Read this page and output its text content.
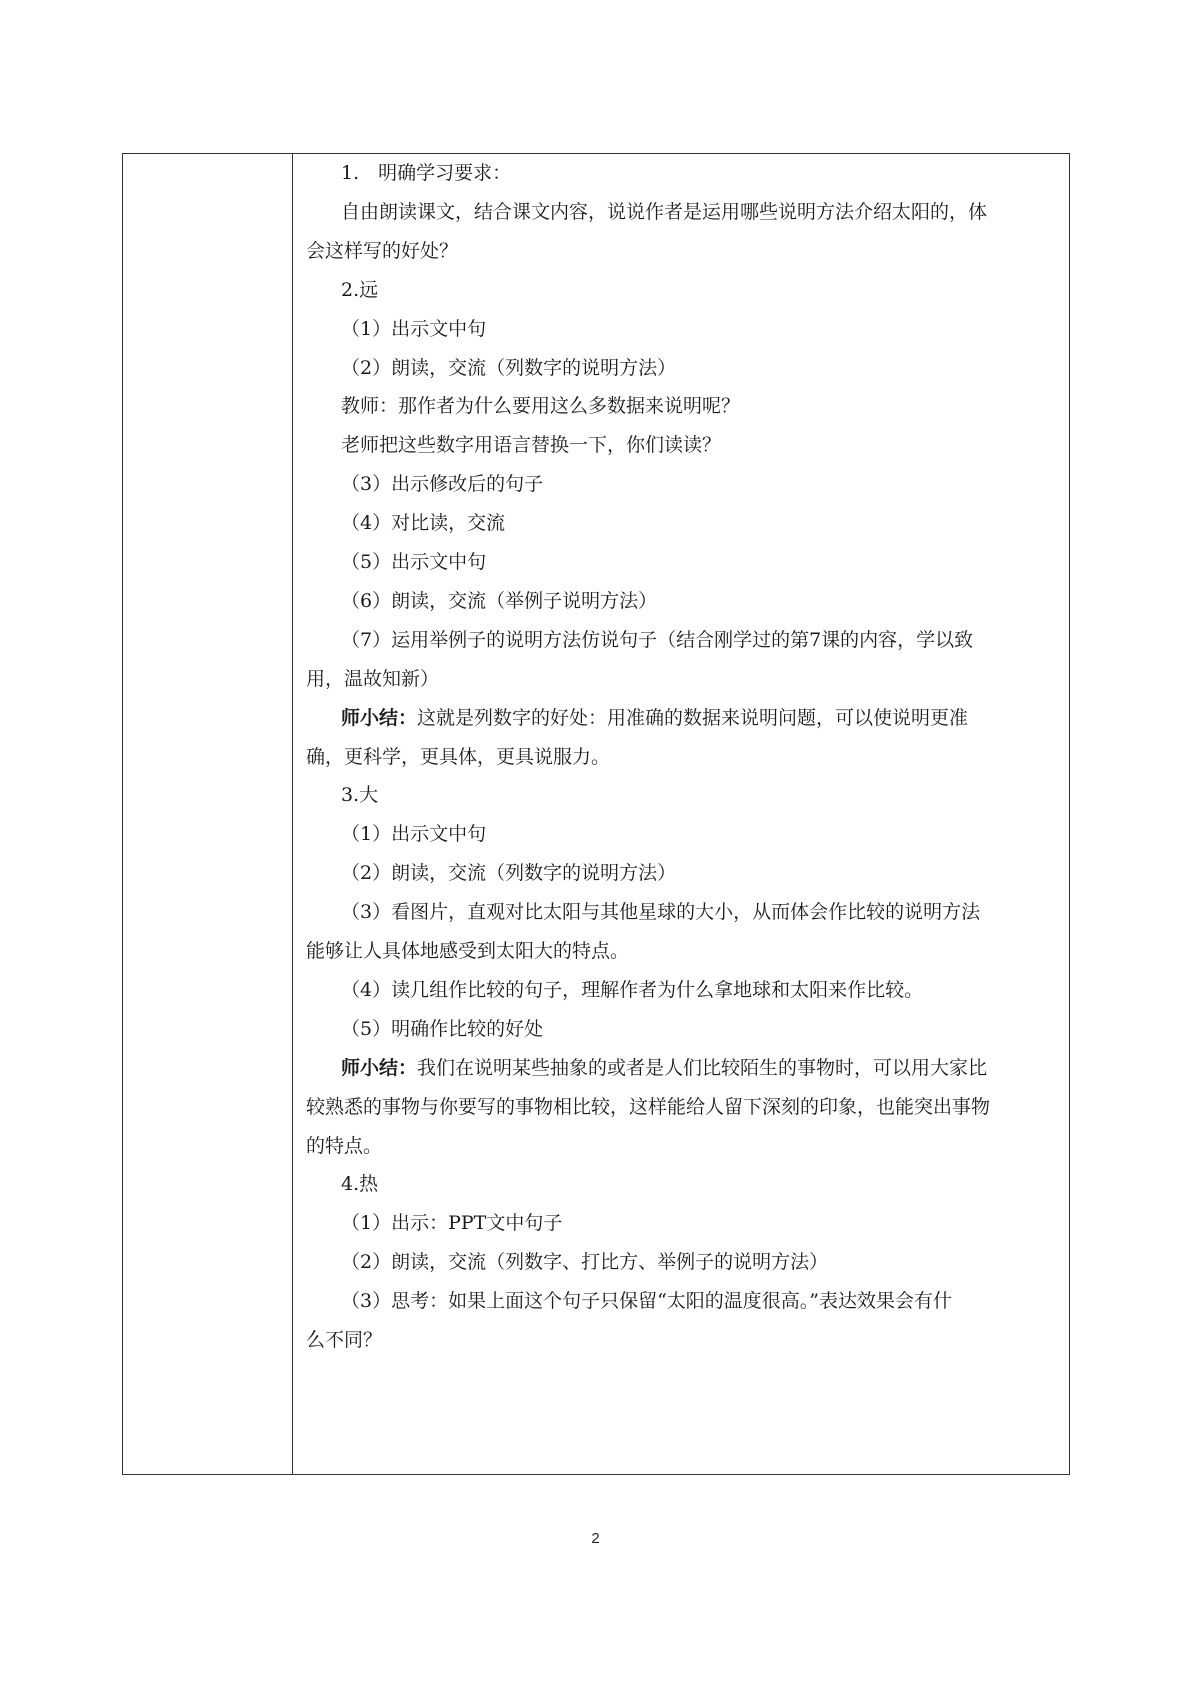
1.　明确学习要求：
自由朗读课文，结合课文内容，说说作者是运用哪些说明方法介绍太阳的，体
会这样写的好处？
2.远
（1）出示文中句
（2）朗读，交流（列数字的说明方法）
教师：那作者为什么要用这么多数据来说明呢？
老师把这些数字用语言替换一下，你们读读？
（3）出示修改后的句子
（4）对比读，交流
（5）出示文中句
（6）朗读，交流（举例子说明方法）
（7）运用举例子的说明方法仿说句子（结合刚学过的第7课的内容，学以致
用，温故知新）
师小结：这就是列数字的好处：用准确的数据来说明问题，可以使说明更准
确，更科学，更具体，更具说服力。
3.大
（1）出示文中句
（2）朗读，交流（列数字的说明方法）
（3）看图片，直观对比太阳与其他星球的大小，从而体会作比较的说明方法
能够让人具体地感受到太阳大的特点。
（4）读几组作比较的句子，理解作者为什么拿地球和太阳来作比较。
（5）明确作比较的好处
师小结：我们在说明某些抽象的或者是人们比较陌生的事物时，可以用大家比
较熟悉的事物与你要写的事物相比较，这样能给人留下深刻的印象，也能突出事物
的特点。
4.热
（1）出示：PPT文中句子
（2）朗读，交流（列数字、打比方、举例子的说明方法）
（3）思考：如果上面这个句子只保留“太阳的温度很高。”表达效果会有什
么不同？
2
